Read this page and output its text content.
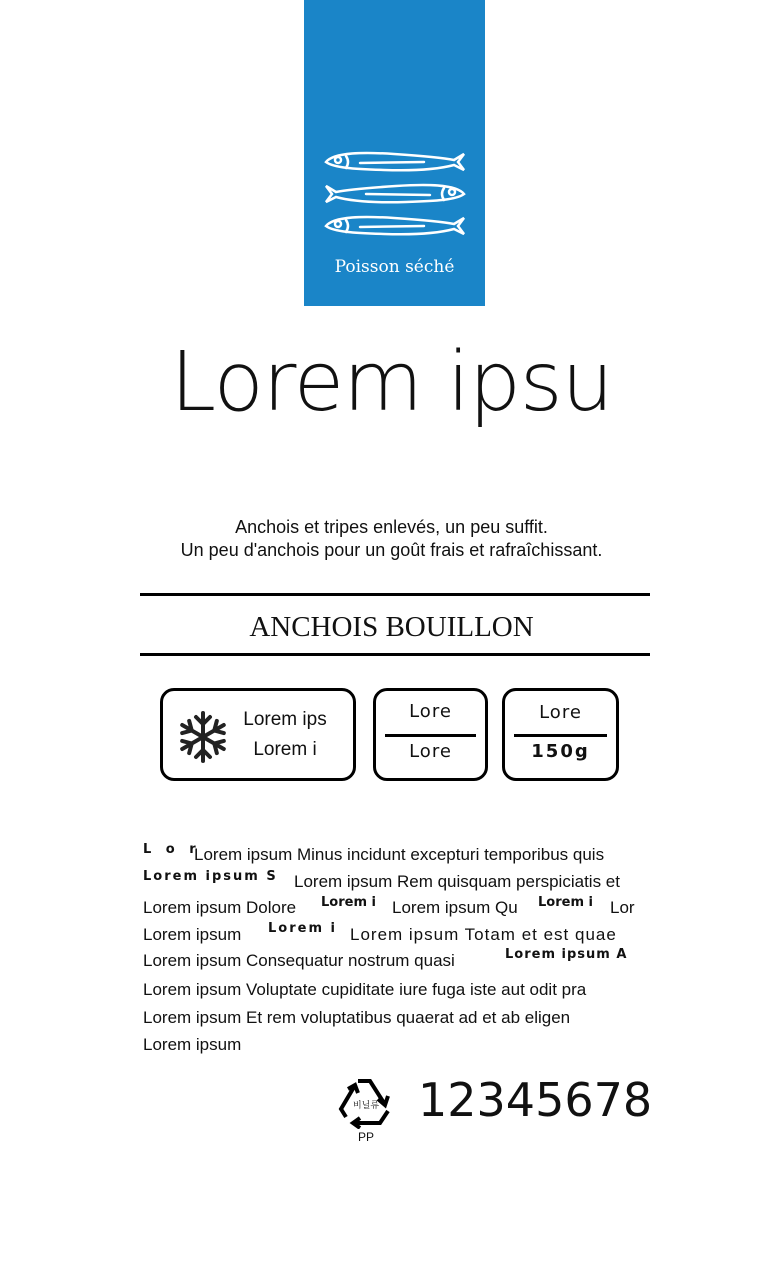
Poisson séché
Lorem ipsu
Anchois et tripes enlevés, un peu suffit.
Un peu d'anchois pour un goût frais et rafraîchissant.
ANCHOIS BOUILLON
Lorem ips
Lorem i
Lore
Lore
Lore
150g
L o r
Lorem ipsum Minus incidunt excepturi temporibus quis
Lorem ipsum S Lorem ipsum Rem quisquam perspiciatis et
Lorem ipsum Dolore Lorem i Lorem ipsum Qu Lorem i Lor
Lorem ipsum Lorem i Lorem ipsum Totam et est quae
Lorem ipsum Consequatur nostrum quasi	Lorem ipsum A
Lorem ipsum Voluptate cupiditate iure fuga iste aut odit pra
Lorem ipsum Et rem voluptatibus quaerat ad et ab eligen
Lorem ipsum
비닐류
PP
12345678
